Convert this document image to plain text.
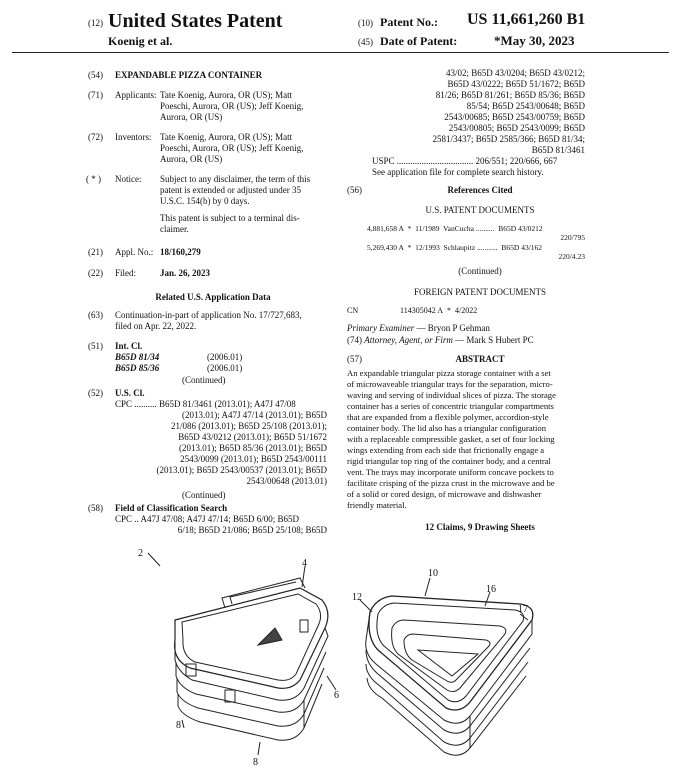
(12) United States Patent
Koenig et al.
(10) Patent No.: US 11,661,260 B1
(45) Date of Patent:	*May 30, 2023
(54) EXPANDABLE PIZZA CONTAINER
(71) Applicants: Tate Koenig, Aurora, OR (US); Matt
Poeschi, Aurora, OR (US); Jeff Koenig,
Aurora, OR (US)
(72) Inventors: Tate Koenig, Aurora, OR (US); Matt
Poeschi, Aurora, OR (US); Jeff Koenig,
Aurora, OR (US)
( * ) Notice: Subject to any disclaimer, the term of this
patent is extended or adjusted under 35
U.S.C. 154(b) by 0 days.
This patent is subject to a terminal dis-
claimer.
(21) Appl. No.: 18/160,279
(22) Filed:	Jan. 26, 2023
Related U.S. Application Data
(63) Continuation-in-part of application No. 17/727,683,
filed on Apr. 22, 2022.
(51) Int. Cl.
B65D 81/34	(2006.01)
B65D 85/36	(2006.01)
(Continued)
(52) U.S. Cl.
CPC .......... B65D 81/3461 (2013.01); A47J 47/08
(2013.01); A47J 47/14 (2013.01); B65D
21/086 (2013.01); B65D 25/108 (2013.01);
B65D 43/0212 (2013.01); B65D 51/1672
(2013.01); B65D 85/36 (2013.01); B65D
2543/0099 (2013.01); B65D 2543/00111
(2013.01); B65D 2543/00537 (2013.01); B65D
2543/00648 (2013.01)
(Continued)
(58) Field of Classification Search
CPC .. A47J 47/08; A47J 47/14; B65D 6/00; B65D
6/18; B65D 21/086; B65D 25/108; B65D
43/02; B65D 43/0204; B65D 43/0212;
B65D 43/0222; B65D 51/1672; B65D
81/26; B65D 81/261; B65D 85/36; B65D
85/54; B65D 2543/00648; B65D
2543/00685; B65D 2543/00759; B65D
2543/00805; B65D 2543/0099; B65D
2581/3437; B65D 2585/366; B65D 81/34;
B65D 81/3461
USPC .................................. 206/551; 220/666, 667
See application file for complete search history.
(56)	References Cited
U.S. PATENT DOCUMENTS
4,881,658 A * 11/1989 VanCucha .......... B65D 43/0212
220/795
5,269,430 A * 12/1993 Schlaupitz ........... B65D 43/162
220/4.23
(Continued)
FOREIGN PATENT DOCUMENTS
CN	114305042 A * 4/2022
Primary Examiner — Bryon P Gehman
(74) Attorney, Agent, or Firm — Mark S Hubert PC
(57)	ABSTRACT
An expandable triangular pizza storage container with a set
of microwaveable triangular trays for the separation, micro-
waving and serving of individual slices of pizza. The storage
container has a series of concentric triangular compartments
that are expanded from a flexible polymer, accordion-style
container body. The lid also has a triangular configuration
with a replaceable compressible gasket, a set of four locking
wings extending from each side that frictionally engage a
rigid triangular top ring of the container body, and a central
vent. The trays may incorporate uniform concave pockets to
facilitate crisping of the pizza crust in the microwave and be
of a solid or cored design, of microwave and dishwasher
friendly material.
12 Claims, 9 Drawing Sheets
2
4
6
8
8
10
12
16
17
